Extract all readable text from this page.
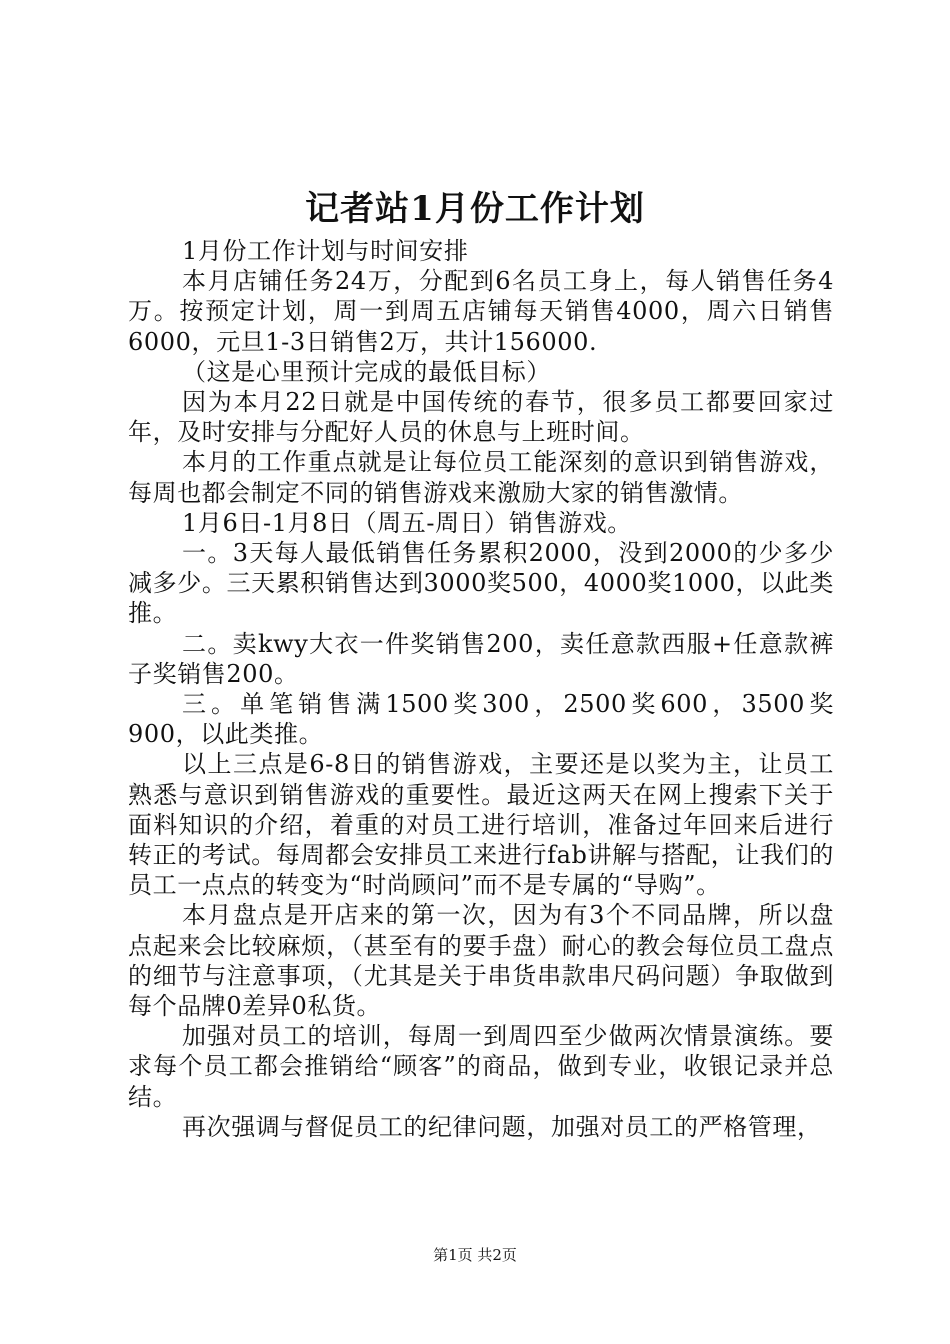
记者站1月份工作计划

1月份工作计划与时间安排

本月店铺任务24万，分配到6名员工身上，每人销售任务4万。按预定计划，周一到周五店铺每天销售4000，周六日销售6000，元旦1-3日销售2万，共计156000.

（这是心里预计完成的最低目标）

因为本月22日就是中国传统的春节，很多员工都要回家过年，及时安排与分配好人员的休息与上班时间。

本月的工作重点就是让每位员工能深刻的意识到销售游戏，每周也都会制定不同的销售游戏来激励大家的销售激情。

1月6日-1月8日（周五-周日）销售游戏。

一。3天每人最低销售任务累积2000，没到2000的少多少减多少。三天累积销售达到3000奖500，4000奖1000，以此类推。

二。卖kwy大衣一件奖销售200，卖任意款西服+任意款裤子奖销售200。

三。单笔销售满1500奖300，2500奖600，3500奖900，以此类推。

以上三点是6-8日的销售游戏，主要还是以奖为主，让员工熟悉与意识到销售游戏的重要性。最近这两天在网上搜索下关于面料知识的介绍，着重的对员工进行培训，准备过年回来后进行转正的考试。每周都会安排员工来进行fab讲解与搭配，让我们的员工一点点的转变为“时尚顾问”而不是专属的“导购”。

本月盘点是开店来的第一次，因为有3个不同品牌，所以盘点起来会比较麻烦，（甚至有的要手盘）耐心的教会每位员工盘点的细节与注意事项，（尤其是关于串货串款串尺码问题）争取做到每个品牌0差异0私货。

加强对员工的培训，每周一到周四至少做两次情景演练。要求每个员工都会推销给“顾客”的商品，做到专业，收银记录并总结。

再次强调与督促员工的纪律问题，加强对员工的严格管理，

第1页 共2页
